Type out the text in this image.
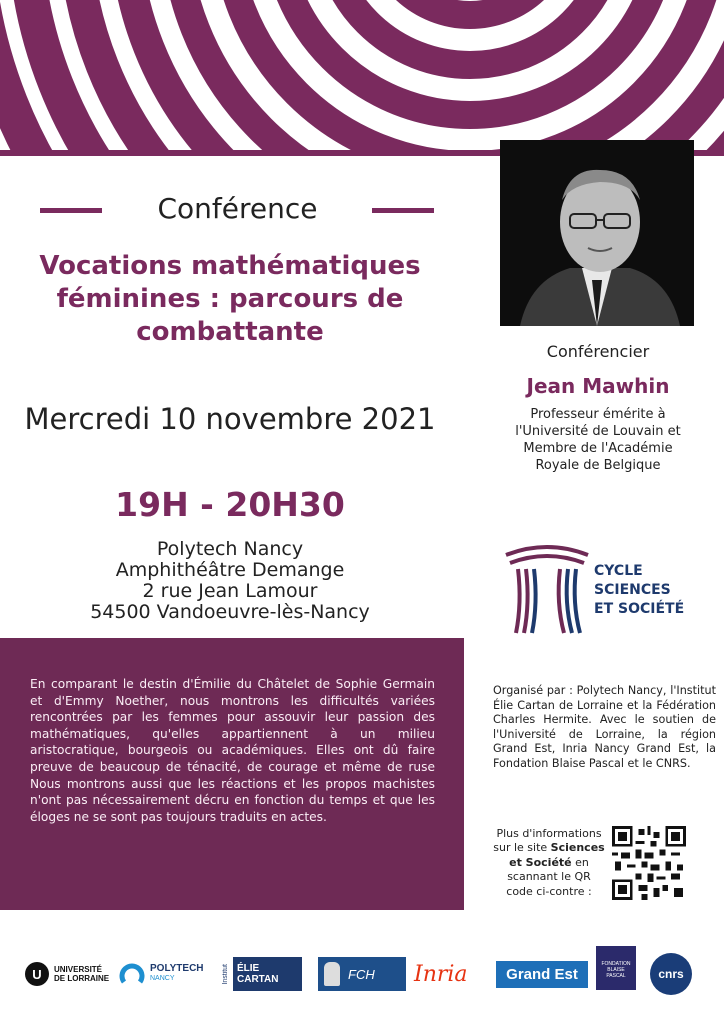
Conférence
Vocations mathématiques
féminines : parcours de
combattante
Mercredi 10 novembre 2021
19H - 20H30
Polytech Nancy
Amphithéâtre Demange
2 rue Jean Lamour
54500 Vandoeuvre-lès-Nancy
Conférencier
Jean Mawhin
Professeur émérite à
l'Université de Louvain et
Membre de l'Académie
Royale de Belgique
CYCLE
SCIENCES
ET SOCIÉTÉ
En comparant le destin d'Émilie du Châtelet de Sophie Germain et d'Emmy Noether, nous montrons les difficultés variées rencontrées par les femmes pour assouvir leur passion des mathématiques, qu'elles appartiennent à un milieu aristocratique, bourgeois ou académiques. Elles ont dû faire preuve de beaucoup de ténacité, de courage et même de ruse Nous montrons aussi que les réactions et les propos machistes n'ont pas nécessairement décru en fonction du temps et que les éloges ne se sont pas toujours traduits en actes.
Organisé par : Polytech Nancy, l'Institut Élie Cartan de Lorraine et la Fédération Charles Hermite. Avec le soutien de l'Université de Lorraine, la région Grand Est, Inria Nancy Grand Est, la Fondation Blaise Pascal et le CNRS.
Plus d'informations sur le site Sciences et Société en scannant le QR code ci-contre :
U UNIVERSITÉ
DE LORRAINE
POLYTECH
NANCY	Institut ÉLIE CARTAN	FCH Inria	Grand Est
FONDATION
BLAISE
PASCAL	cnrs
